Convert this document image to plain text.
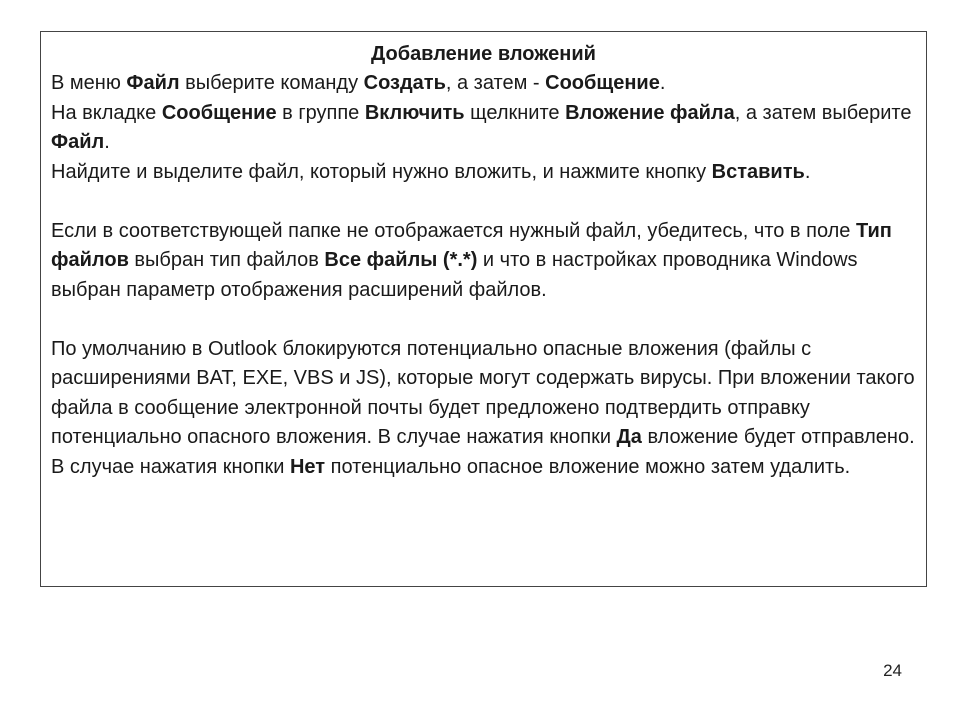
Добавление вложений

В меню Файл выберите команду Создать, а затем - Сообщение.

На вкладке Сообщение в группе Включить щелкните Вложение файла, а затем выберите Файл.

Найдите и выделите файл, который нужно вложить, и нажмите кнопку Вставить.

Если в соответствующей папке не отображается нужный файл, убедитесь, что в поле Тип файлов выбран тип файлов Все файлы (*.*) и что в настройках проводника Windows выбран параметр отображения расширений файлов.

По умолчанию в Outlook блокируются потенциально опасные вложения (файлы с расширениями BAT, EXE, VBS и JS), которые могут содержать вирусы. При вложении такого файла в сообщение электронной почты будет предложено подтвердить отправку потенциально опасного вложения. В случае нажатия кнопки Да вложение будет отправлено. В случае нажатия кнопки Нет потенциально опасное вложение можно затем удалить.

24
